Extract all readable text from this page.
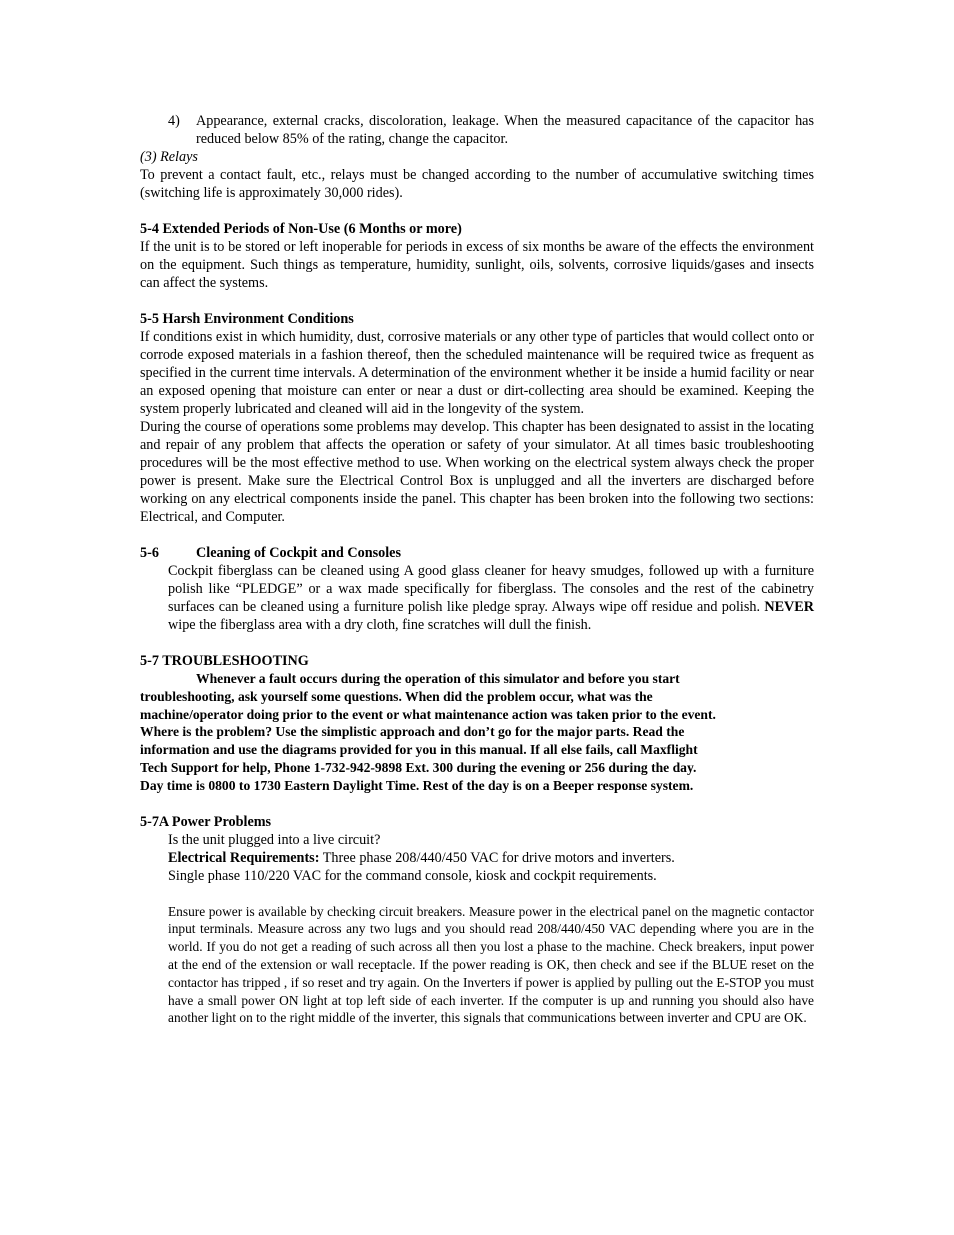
4)	Appearance, external cracks, discoloration, leakage. When the measured capacitance of the capacitor has reduced below 85% of the rating, change the capacitor.

(3) Relays

To prevent a contact fault, etc., relays must be changed according to the number of accumulative switching times (switching life is approximately 30,000 rides).

5-4 Extended Periods of Non-Use (6 Months or more)

If the unit is to be stored or left inoperable for periods in excess of six months be aware of the effects the environment on the equipment. Such things as temperature, humidity, sunlight, oils, solvents, corrosive liquids/gases and insects can affect the systems.

5-5 Harsh Environment Conditions

If conditions exist in which humidity, dust, corrosive materials or any other type of particles that would collect onto or corrode exposed materials in a fashion thereof, then the scheduled maintenance will be required twice as frequent as specified in the current time intervals. A determination of the environment whether it be inside a humid facility or near an exposed opening that moisture can enter or near a dust or dirt-collecting area should be examined. Keeping the system properly lubricated and cleaned will aid in the longevity of the system.

During the course of operations some problems may develop. This chapter has been designated to assist in the locating and repair of any problem that affects the operation or safety of your simulator. At all times basic troubleshooting procedures will be the most effective method to use. When working on the electrical system always check the proper power is present. Make sure the Electrical Control Box is unplugged and all the inverters are discharged before working on any electrical components inside the panel. This chapter has been broken into the following two sections: Electrical, and Computer.

5-6	Cleaning of Cockpit and Consoles

Cockpit fiberglass can be cleaned using A good glass cleaner for heavy smudges, followed up with a furniture polish like “PLEDGE” or a wax made specifically for fiberglass. The consoles and the rest of the cabinetry surfaces can be cleaned using a furniture polish like pledge spray. Always wipe off residue and polish. NEVER wipe the fiberglass area with a dry cloth, fine scratches will dull the finish.

5-7 TROUBLESHOOTING

Whenever a fault occurs during the operation of this simulator and before you start
troubleshooting, ask yourself some questions. When did the problem occur, what was the
machine/operator doing prior to the event or what maintenance action was taken prior to the event.
Where is the problem? Use the simplistic approach and don’t go for the major parts. Read the
information and use the diagrams provided for you in this manual. If all else fails, call Maxflight
Tech Support for help, Phone 1-732-942-9898 Ext. 300 during the evening or 256 during the day.
Day time is 0800 to 1730 Eastern Daylight Time. Rest of the day is on a Beeper response system.

5-7A Power Problems

Is the unit plugged into a live circuit?

Electrical Requirements: Three phase 208/440/450 VAC for drive motors and inverters.

Single phase 110/220 VAC for the command console, kiosk and cockpit requirements.

Ensure power is available by checking circuit breakers. Measure power in the electrical panel on the magnetic contactor input terminals. Measure across any two lugs and you should read 208/440/450 VAC depending where you are in the world. If you do not get a reading of such across all then you lost a phase to the machine. Check breakers, input power at the end of the extension or wall receptacle. If the power reading is OK, then check and see if the BLUE reset on the contactor has tripped , if so reset and try again. On the Inverters if power is applied by pulling out the E-STOP you must have a small power ON light at top left side of each inverter. If the computer is up and running you should also have another light on to the right middle of the inverter, this signals that communications between inverter and CPU are OK.
